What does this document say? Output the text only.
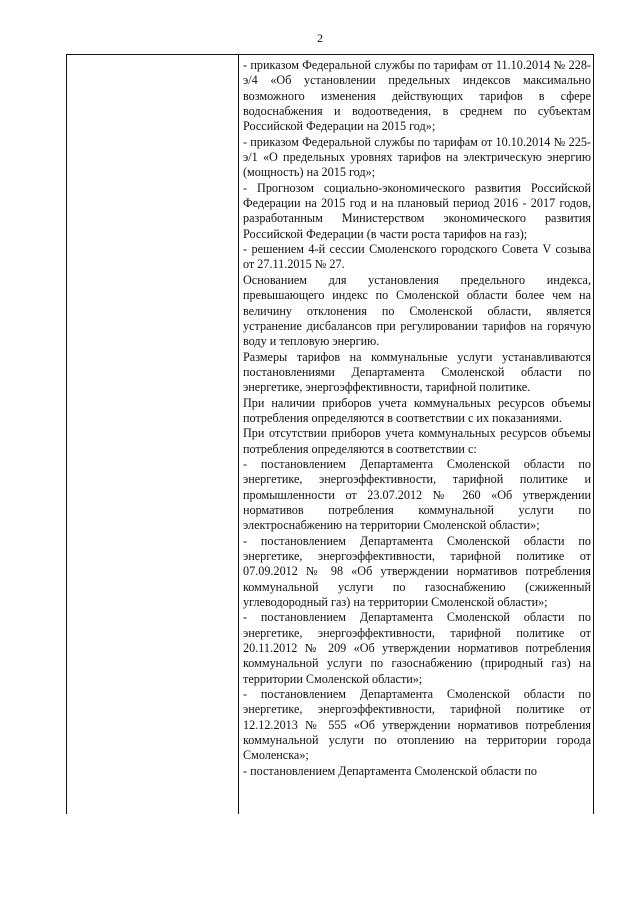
2

- приказом Федеральной службы по тарифам от 11.10.2014 № 228-э/4 «Об установлении предельных индексов максимально возможного изменения действующих тарифов в сфере водоснабжения и водоотведения, в среднем по субъектам Российской Федерации на 2015 год»;

- приказом Федеральной службы по тарифам от 10.10.2014 № 225-э/1 «О предельных уровнях тарифов на электрическую энергию (мощность) на 2015 год»;

- Прогнозом социально-экономического развития Российской Федерации на 2015 год и на плановый период 2016 - 2017 годов, разработанным Министерством экономического развития Российской Федерации (в части роста тарифов на газ);

- решением 4-й сессии Смоленского городского Совета V созыва от 27.11.2015 № 27.

Основанием для установления предельного индекса, превышающего индекс по Смоленской области более чем на величину отклонения по Смоленской области, является устранение дисбалансов при регулировании тарифов на горячую воду и тепловую энергию.

Размеры тарифов на коммунальные услуги устанавливаются постановлениями Департамента Смоленской области по энергетике, энергоэффективности, тарифной политике.

При наличии приборов учета коммунальных ресурсов объемы потребления определяются в соответствии с их показаниями.

При отсутствии приборов учета коммунальных ресурсов объемы потребления определяются в соответствии с:

- постановлением Департамента Смоленской области по энергетике, энергоэффективности, тарифной политике и промышленности от 23.07.2012 № 260 «Об утверждении нормативов потребления коммунальной услуги по электроснабжению на территории Смоленской области»;

- постановлением Департамента Смоленской области по энергетике, энергоэффективности, тарифной политике от 07.09.2012 № 98 «Об утверждении нормативов потребления коммунальной услуги по газоснабжению (сжиженный углеводородный газ) на территории Смоленской области»;

- постановлением Департамента Смоленской области по энергетике, энергоэффективности, тарифной политике от 20.11.2012 № 209 «Об утверждении нормативов потребления коммунальной услуги по газоснабжению (природный газ) на территории Смоленской области»;

- постановлением Департамента Смоленской области по энергетике, энергоэффективности, тарифной политике от 12.12.2013 № 555 «Об утверждении нормативов потребления коммунальной услуги по отоплению на территории города Смоленска»;

- постановлением Департамента Смоленской области по
